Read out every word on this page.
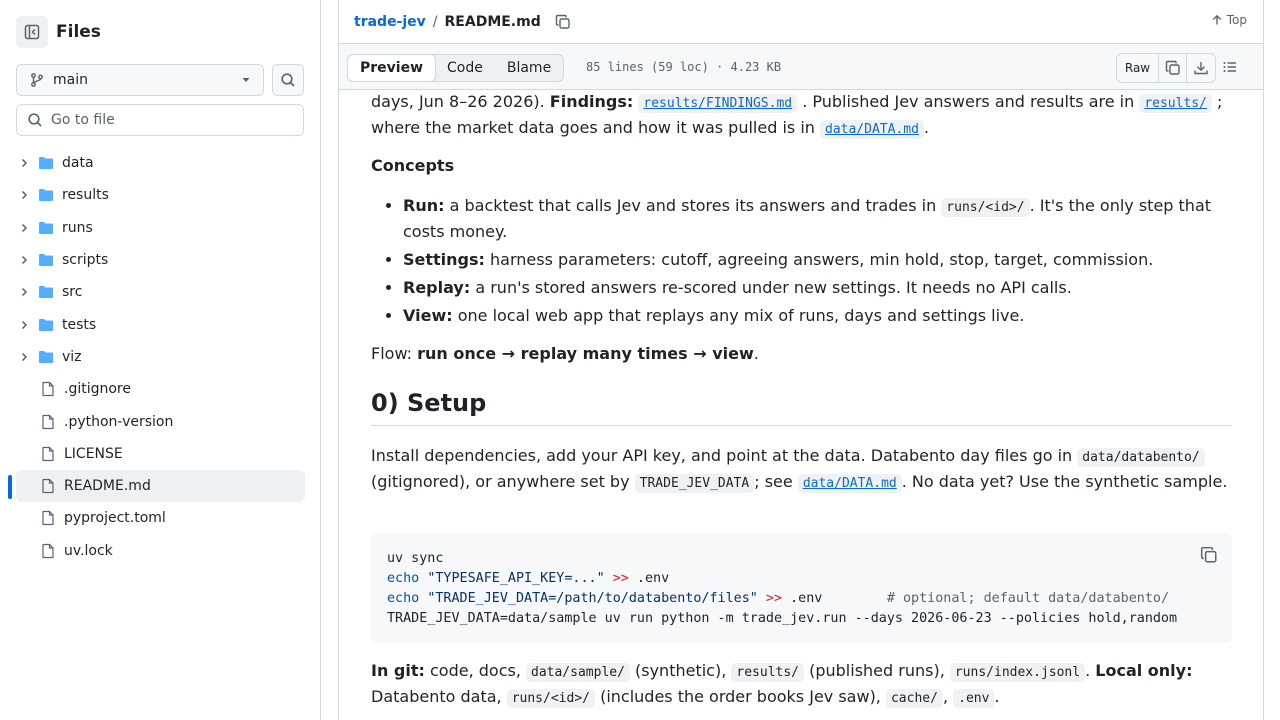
Files
main
Go to file
data
results
runs
scripts
src
tests
viz
.gitignore
.python-version
LICENSE
README.md
pyproject.toml
uv.lock
trade-jev / README.md	Top
Preview	Code	Blame	85 lines (59 loc) · 4.23 KB	Raw
days, Jun 8–26 2026). Findings: results/FINDINGS.md . Published Jev answers and results are in results/ ;
where the market data goes and how it was pulled is in data/DATA.md .
Concepts
• Run: a backtest that calls Jev and stores its answers and trades in runs/<id>/ . It's the only step that costs money.
• Settings: harness parameters: cutoff, agreeing answers, min hold, stop, target, commission.
• Replay: a run's stored answers re-scored under new settings. It needs no API calls.
• View: one local web app that replays any mix of runs, days and settings live.
Flow: run once → replay many times → view.
0) Setup
Install dependencies, add your API key, and point at the data. Databento day files go in data/databento/
(gitignored), or anywhere set by TRADE_JEV_DATA ; see data/DATA.md . No data yet? Use the synthetic sample.
uv sync
echo "TYPESAFE_API_KEY=..." >> .env
echo "TRADE_JEV_DATA=/path/to/databento/files" >> .env	# optional; default data/databento/
TRADE_JEV_DATA=data/sample uv run python -m trade_jev.run --days 2026-06-23 --policies hold,random
In git: code, docs, data/sample/ (synthetic), results/ (published runs), runs/index.jsonl . Local only:
Databento data, runs/<id>/ (includes the order books Jev saw), cache/ , .env .
